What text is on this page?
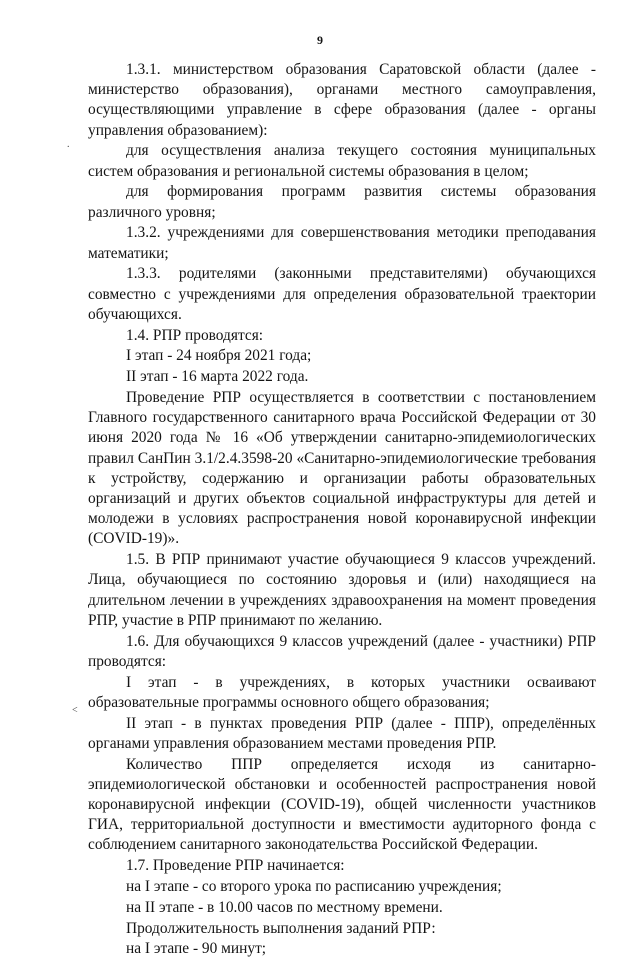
9

1.3.1. министерством образования Саратовской области (далее - министерство образования), органами местного самоуправления, осуществляющими управление в сфере образования (далее - органы управления образованием):

для осуществления анализа текущего состояния муниципальных систем образования и региональной системы образования в целом;

для формирования программ развития системы образования различного уровня;

1.3.2. учреждениями для совершенствования методики преподавания математики;

1.3.3. родителями (законными представителями) обучающихся совместно с учреждениями для определения образовательной траектории обучающихся.

1.4. РПР проводятся:

I этап - 24 ноября 2021 года;

II этап - 16 марта 2022 года.

Проведение РПР осуществляется в соответствии с постановлением Главного государственного санитарного врача Российской Федерации от 30 июня 2020 года № 16 «Об утверждении санитарно-эпидемиологических правил СанПин 3.1/2.4.3598-20 «Санитарно-эпидемиологические требования к устройству, содержанию и организации работы образовательных организаций и других объектов социальной инфраструктуры для детей и молодежи в условиях распространения новой коронавирусной инфекции (COVID-19)».

1.5. В РПР принимают участие обучающиеся 9 классов учреждений. Лица, обучающиеся по состоянию здоровья и (или) находящиеся на длительном лечении в учреждениях здравоохранения на момент проведения РПР, участие в РПР принимают по желанию.

1.6. Для обучающихся 9 классов учреждений (далее - участники) РПР проводятся:

I этап - в учреждениях, в которых участники осваивают образовательные программы основного общего образования;

II этап - в пунктах проведения РПР (далее - ППР), определённых органами управления образованием местами проведения РПР.

Количество ППР определяется исходя из санитарно-эпидемиологической обстановки и особенностей распространения новой коронавирусной инфекции (COVID-19), общей численности участников ГИА, территориальной доступности и вместимости аудиторного фонда с соблюдением санитарного законодательства Российской Федерации.

1.7. Проведение РПР начинается:

на I этапе - со второго урока по расписанию учреждения;

на II этапе - в 10.00 часов по местному времени.

Продолжительность выполнения заданий РПР:

на I этапе - 90 минут;

.
<
